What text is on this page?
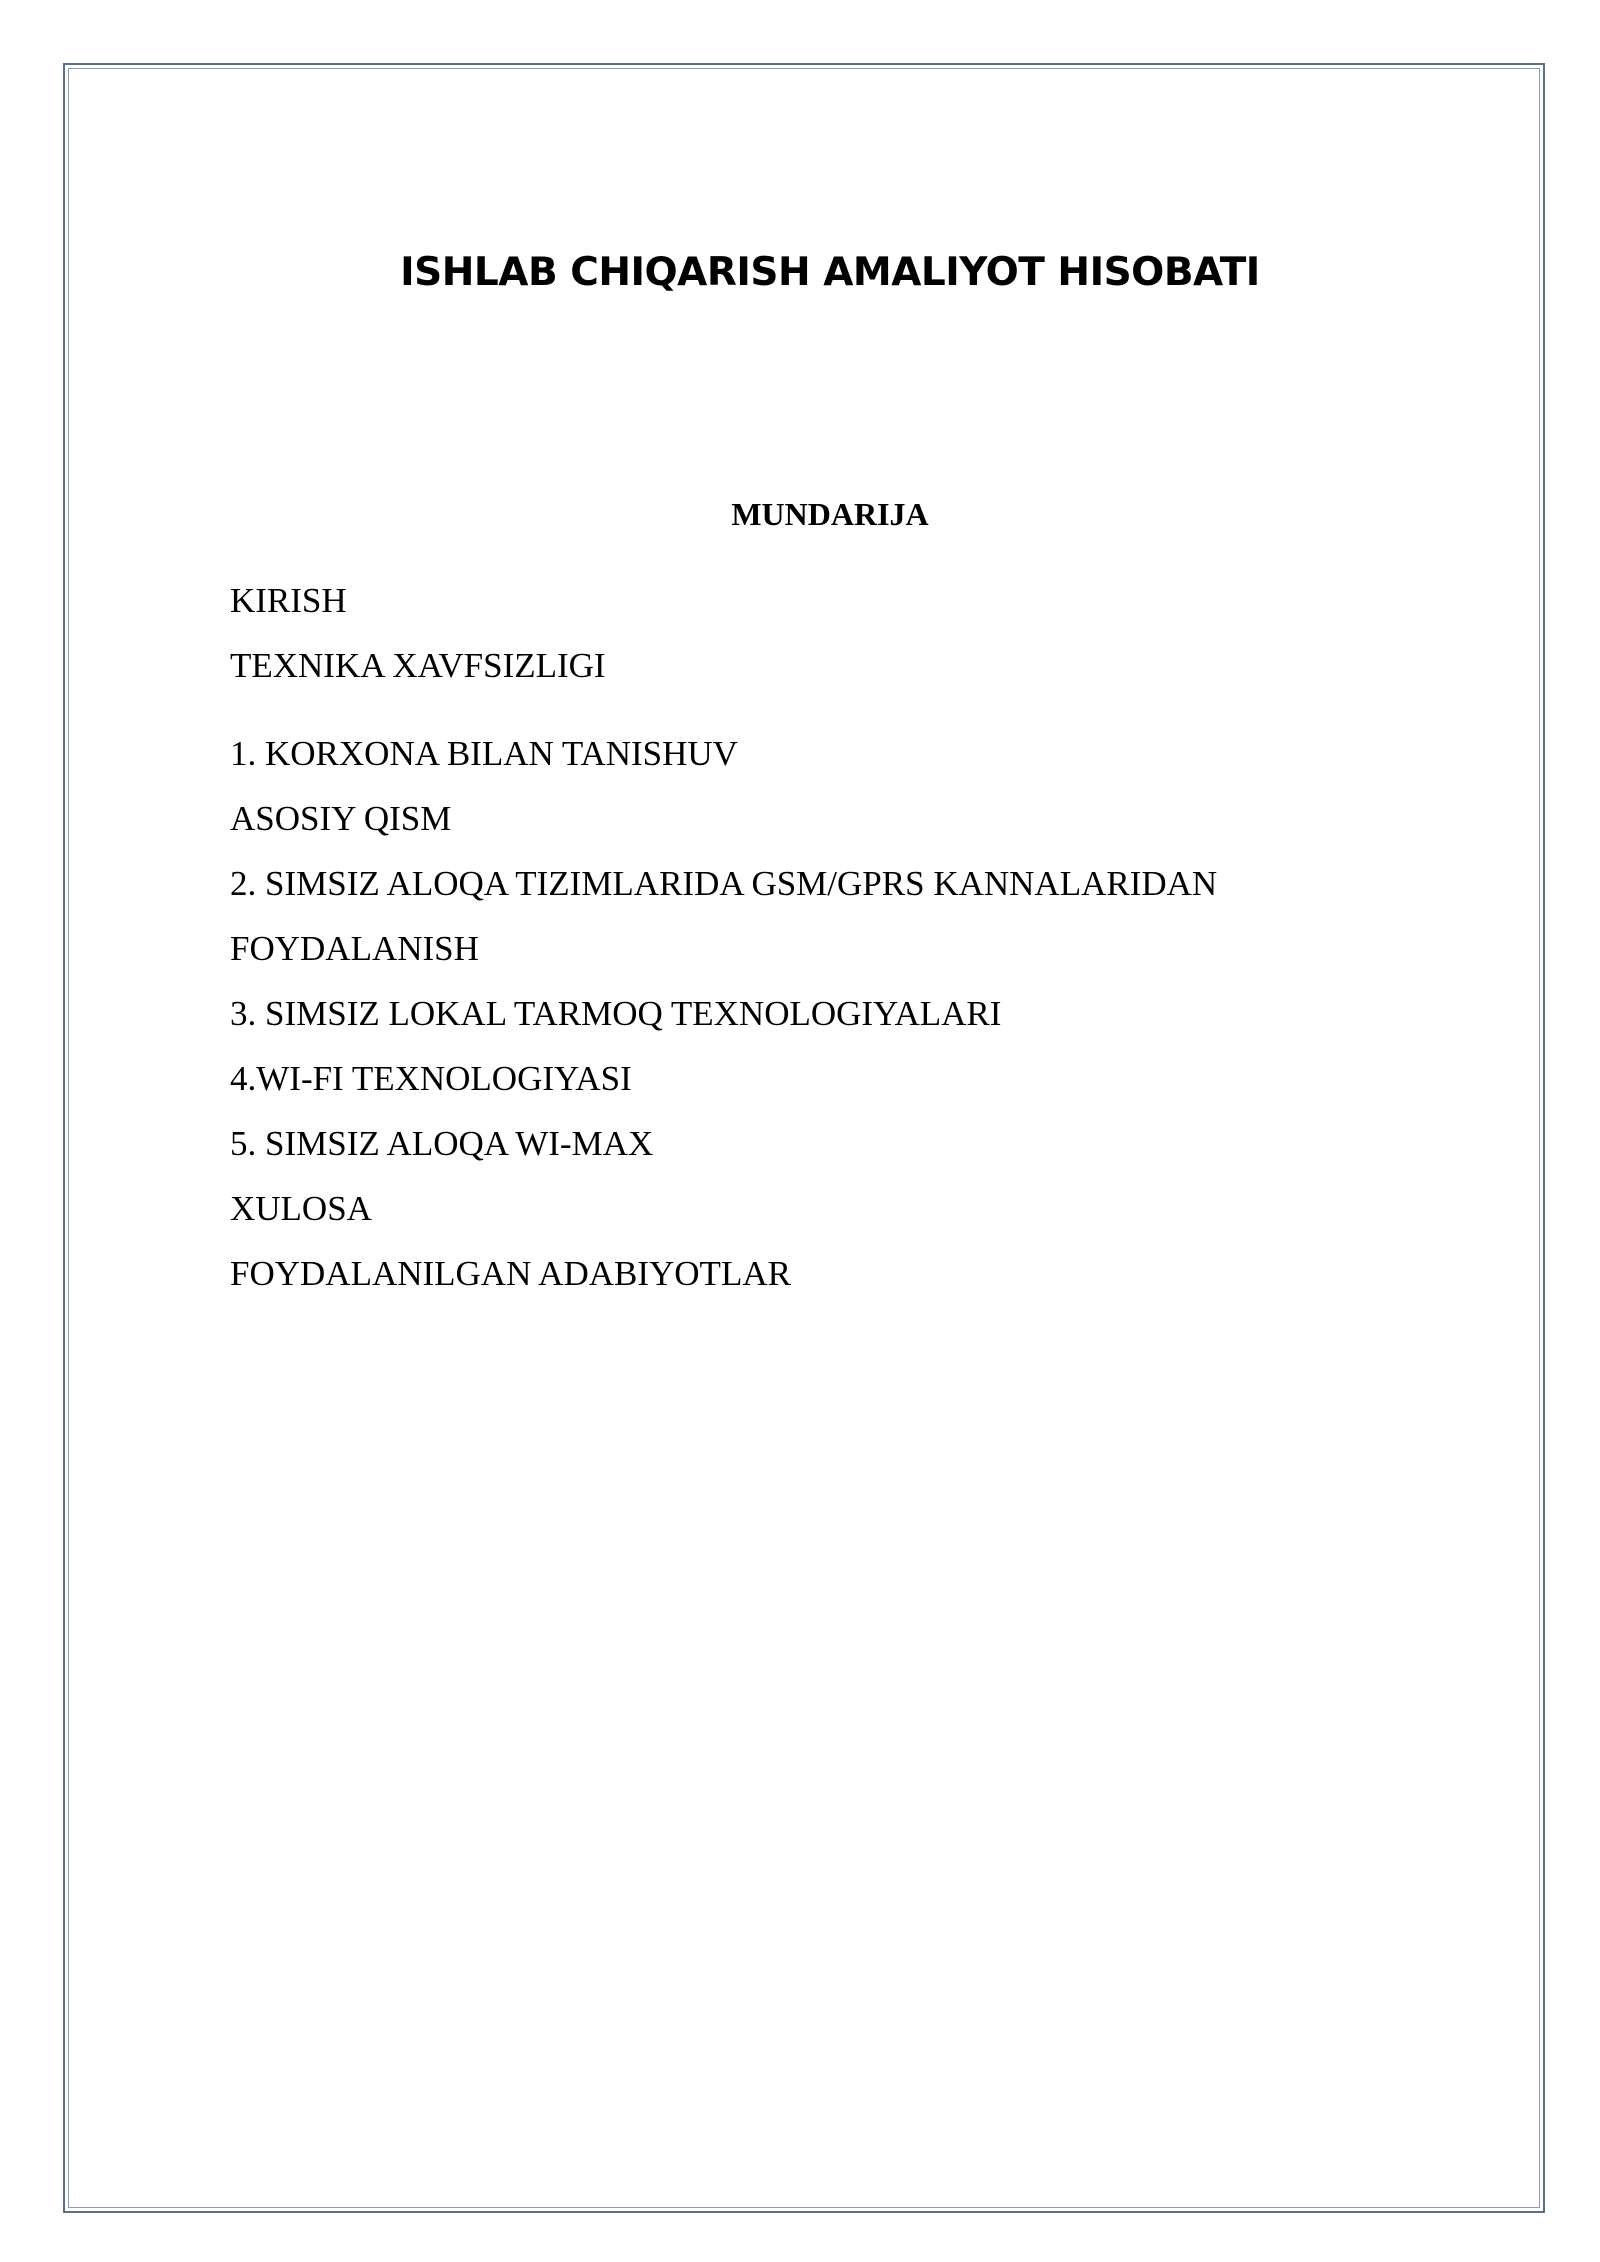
ISHLAB CHIQARISH AMALIYOT HISOBATI
MUNDARIJA
KIRISH
TEXNIKA XAVFSIZLIGI
1. KORXONA BILAN TANISHUV
ASOSIY QISM
2. SIMSIZ ALOQA TIZIMLARIDA GSM/GPRS KANNALARIDAN
FOYDALANISH
3. SIMSIZ LOKAL TARMOQ TEXNOLOGIYALARI
4.WI-FI TEXNOLOGIYASI
5. SIMSIZ ALOQA WI-MAX
XULOSA
FOYDALANILGAN ADABIYOTLAR
